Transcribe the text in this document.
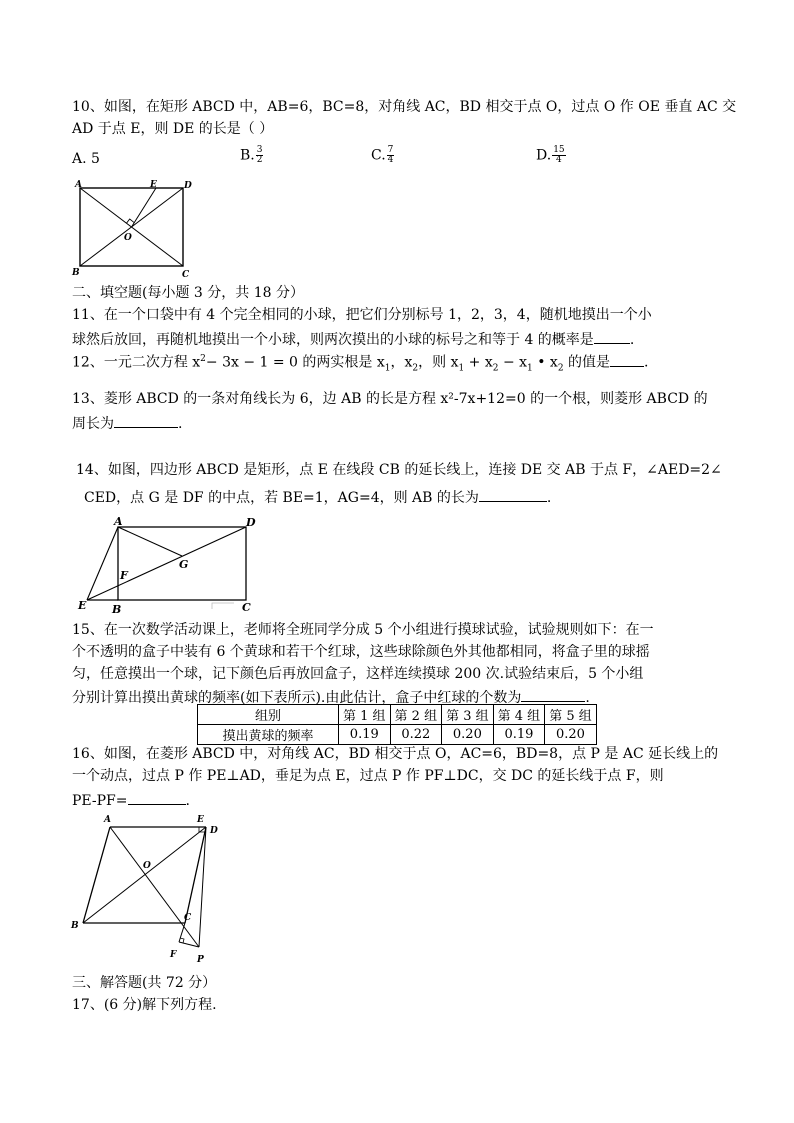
10、如图，在矩形 ABCD 中，AB=6，BC=8，对角线 AC，BD 相交于点 O，过点 O 作 OE 垂直 AC 交
AD 于点 E，则 DE 的长是（ ）
A. 5	B. $\frac{3}{2}$	C. $\frac{7}{4}$	D. $\frac{15}{4}$
A	E	D
O
B	C
二、填空题(每小题 3 分，共 18 分）
11、在一个口袋中有 4 个完全相同的小球，把它们分别标号 1，2，3，4，随机地摸出一个小
球然后放回，再随机地摸出一个小球，则两次摸出的小球的标号之和等于 4 的概率是	.
12、一元二次方程 $x^2- 3x - 1 = 0$ 的两实根是 $x_1$，$x_2$，则 $x_1 + x_2 - x_1$ • $x_2$ 的值是 .
13、菱形 ABCD 的一条对角线长为 6，边 AB 的长是方程 x²-7x+12=0 的一个根，则菱形 ABCD 的
周长为	.
14、如图，四边形 ABCD 是矩形，点 E 在线段 CB 的延长线上，连接 DE 交 AB 于点 F，∠AED=2∠
CED，点 G 是 DF 的中点，若 BE=1，AG=4，则 AB 的长为	.
A	D
G
F
E B	C
15、在一次数学活动课上，老师将全班同学分成 5 个小组进行摸球试验，试验规则如下：在一
个不透明的盒子中装有 6 个黄球和若干个红球，这些球除颜色外其他都相同，将盒子里的球摇
匀，任意摸出一个球，记下颜色后再放回盒子，这样连续摸球 200 次.试验结束后，5 个小组
分别计算出摸出黄球的频率(如下表所示).由此估计，盒子中红球的个数为	.
组别	第 1 组	第 2 组	第 3 组	第 4 组	第 5 组
摸出黄球的频率	0.19	0.22	0.20	0.19	0.20
16、如图，在菱形 ABCD 中，对角线 AC，BD 相交于点 O，AC=6，BD=8，点 P 是 AC 延长线上的
一个动点，过点 P 作 PE⊥AD，垂足为点 E，过点 P 作 PF⊥DC，交 DC 的延长线于点 F，则
PE-PF=	.
A	E
D
O
B
C
F P
三、解答题(共 72 分）
17、(6 分)解下列方程.
